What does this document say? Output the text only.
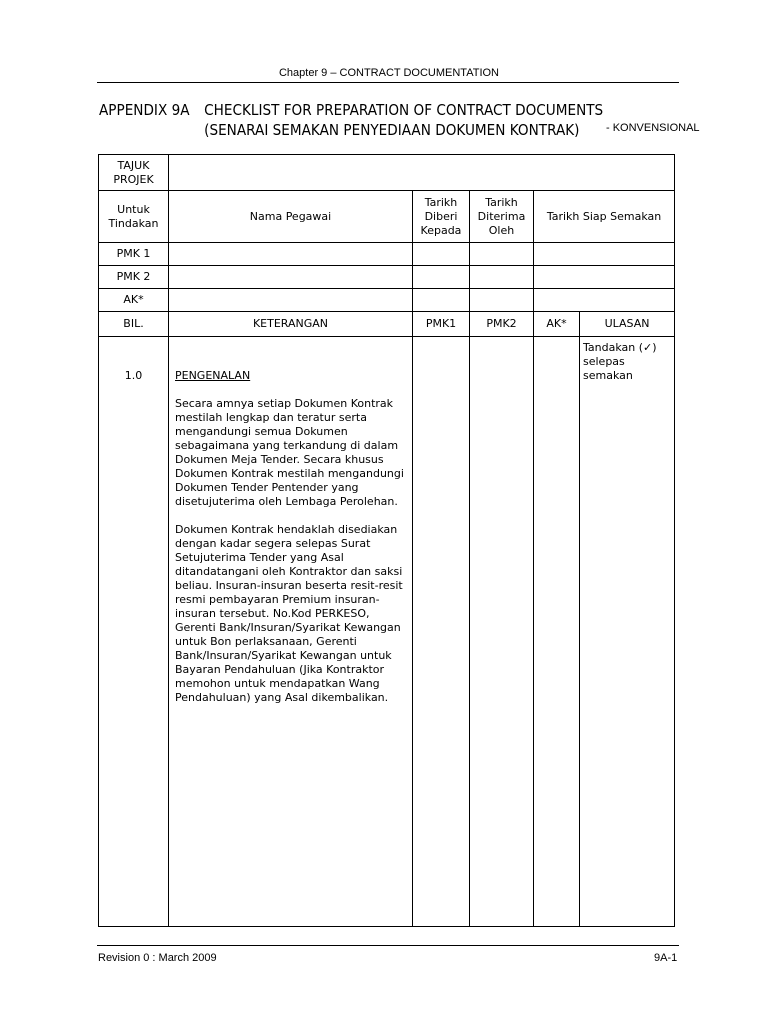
Chapter 9 – CONTRACT DOCUMENTATION
APPENDIX 9A CHECKLIST FOR PREPARATION OF CONTRACT DOCUMENTS
(SENARAI SEMAKAN PENYEDIAAN DOKUMEN KONTRAK) - KONVENSIONAL
TAJUK PROJEK					
Untuk Tindakan	Nama Pegawai	Tarikh Diberi Kepada	Tarikh Diterima Oleh	Tarikh Siap Semakan	
PMK 1					
PMK 2					
AK*					
BIL.	KETERANGAN	PMK1	PMK2	AK*	ULASAN
1.0	PENGENALAN
Secara amnya setiap Dokumen Kontrak mestilah lengkap dan teratur serta mengandungi semua Dokumen sebagaimana yang terkandung di dalam Dokumen Meja Tender. Secara khusus Dokumen Kontrak mestilah mengandungi Dokumen Tender Pentender yang disetujuterima oleh Lembaga Perolehan.
Dokumen Kontrak hendaklah disediakan dengan kadar segera selepas Surat Setujuterima Tender yang Asal ditandatangani oleh Kontraktor dan saksi beliau. Insuran-insuran beserta resit-resit resmi pembayaran Premium insuran-insuran tersebut. No.Kod PERKESO, Gerenti Bank/Insuran/Syarikat Kewangan untuk Bon perlaksanaan, Gerenti Bank/Insuran/Syarikat Kewangan untuk Bayaran Pendahuluan (Jika Kontraktor memohon untuk mendapatkan Wang Pendahuluan) yang Asal dikembalikan.				Tandakan (✓) selepas semakan
Revision 0 : March 2009	9A-1
